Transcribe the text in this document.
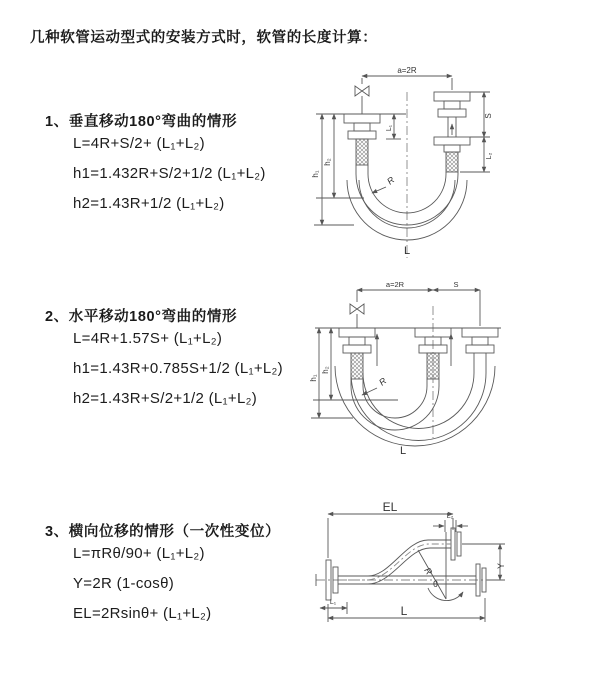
几种软管运动型式的安装方式时，软管的长度计算：
1、垂直移动180°弯曲的情形
L=4R+S/2+ (L₁+L₂)
h1=1.432R+S/2+1/2 (L₁+L₂)
h2=1.43R+1/2 (L₁+L₂)
2、水平移动180°弯曲的情形
L=4R+1.57S+ (L₁+L₂)
h1=1.43R+0.785S+1/2 (L₁+L₂)
h2=1.43R+S/2+1/2 (L₁+L₂)
3、横向位移的情形（一次性变位）
L=πRθ/90+ (L₁+L₂)
Y=2R (1-cosθ)
EL=2Rsinθ+ (L₁+L₂)
a=2R
h₁
h₂
L₁
S
L₂
R
L
a=2R	S
h₁
h₂
R
L
EL
L₂
Y
R
θ
L
L₁
